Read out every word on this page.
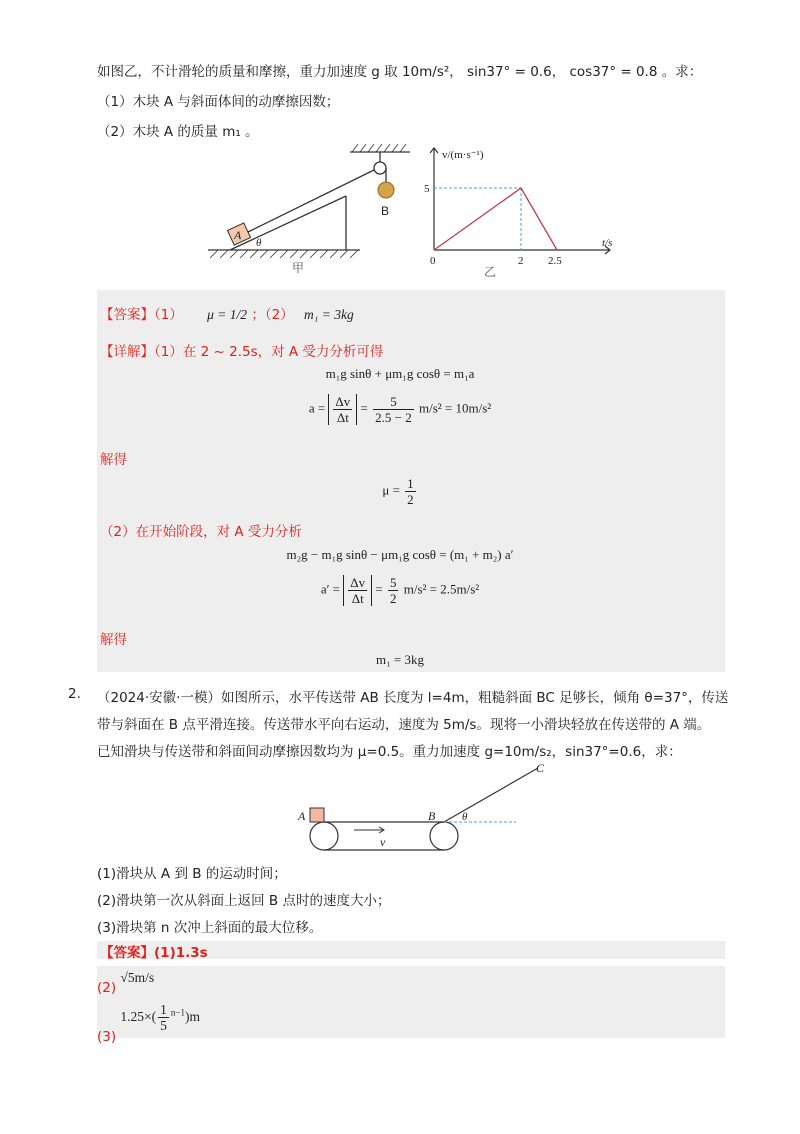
如图乙，不计滑轮的质量和摩擦，重力加速度 g 取 10m/s²， sin37° = 0.6， cos37° = 0.8 。求：
（1）木块 A 与斜面体间的动摩擦因数；
（2）木块 A 的质量 m₁ 。
A
θ
B
甲
v/(m·s⁻¹)
t/s
5
0	2 2.5
乙
【答案】（1） μ = 1/2 ；（2） m₁ = 3kg
【详解】（1）在 2 ~ 2.5s，对 A 受力分析可得
m₁g sinθ + μm₁g cosθ = m₁a
$a = \frac{\Delta v}{\Delta t} = \frac{5}{2.5 - 2} m/s^2 = 10m/s^2$
解得
$\mu = \frac{1}{2}$
（2）在开始阶段，对 A 受力分析
m₂g − m₁g sinθ − μm₁g cosθ = (m₁ + m₂) a′
$a' = \frac{\Delta v}{\Delta t} = \frac{5}{2} m/s^2 = 2.5m/s^2$
解得
m₁ = 3kg
2. （2024·安徽·一模）如图所示，水平传送带 AB 长度为 l=4m，粗糙斜面 BC 足够长，倾角 θ=37°，传送
带与斜面在 B 点平滑连接。传送带水平向右运动，速度为 5m/s。现将一小滑块轻放在传送带的 A 端。
已知滑块与传送带和斜面间动摩擦因数均为 μ=0.5。重力加速度 g=10m/s₂，sin37°=0.6，求：
A	B
C
v
θ
(1)滑块从 A 到 B 的运动时间；
(2)滑块第一次从斜面上返回 B 点时的速度大小；
(3)滑块第 n 次冲上斜面的最大位移。
【答案】(1)1.3s
(2) √5m/s
(3) $1.25\times( \frac{1}{5} ^{n-1})m$
